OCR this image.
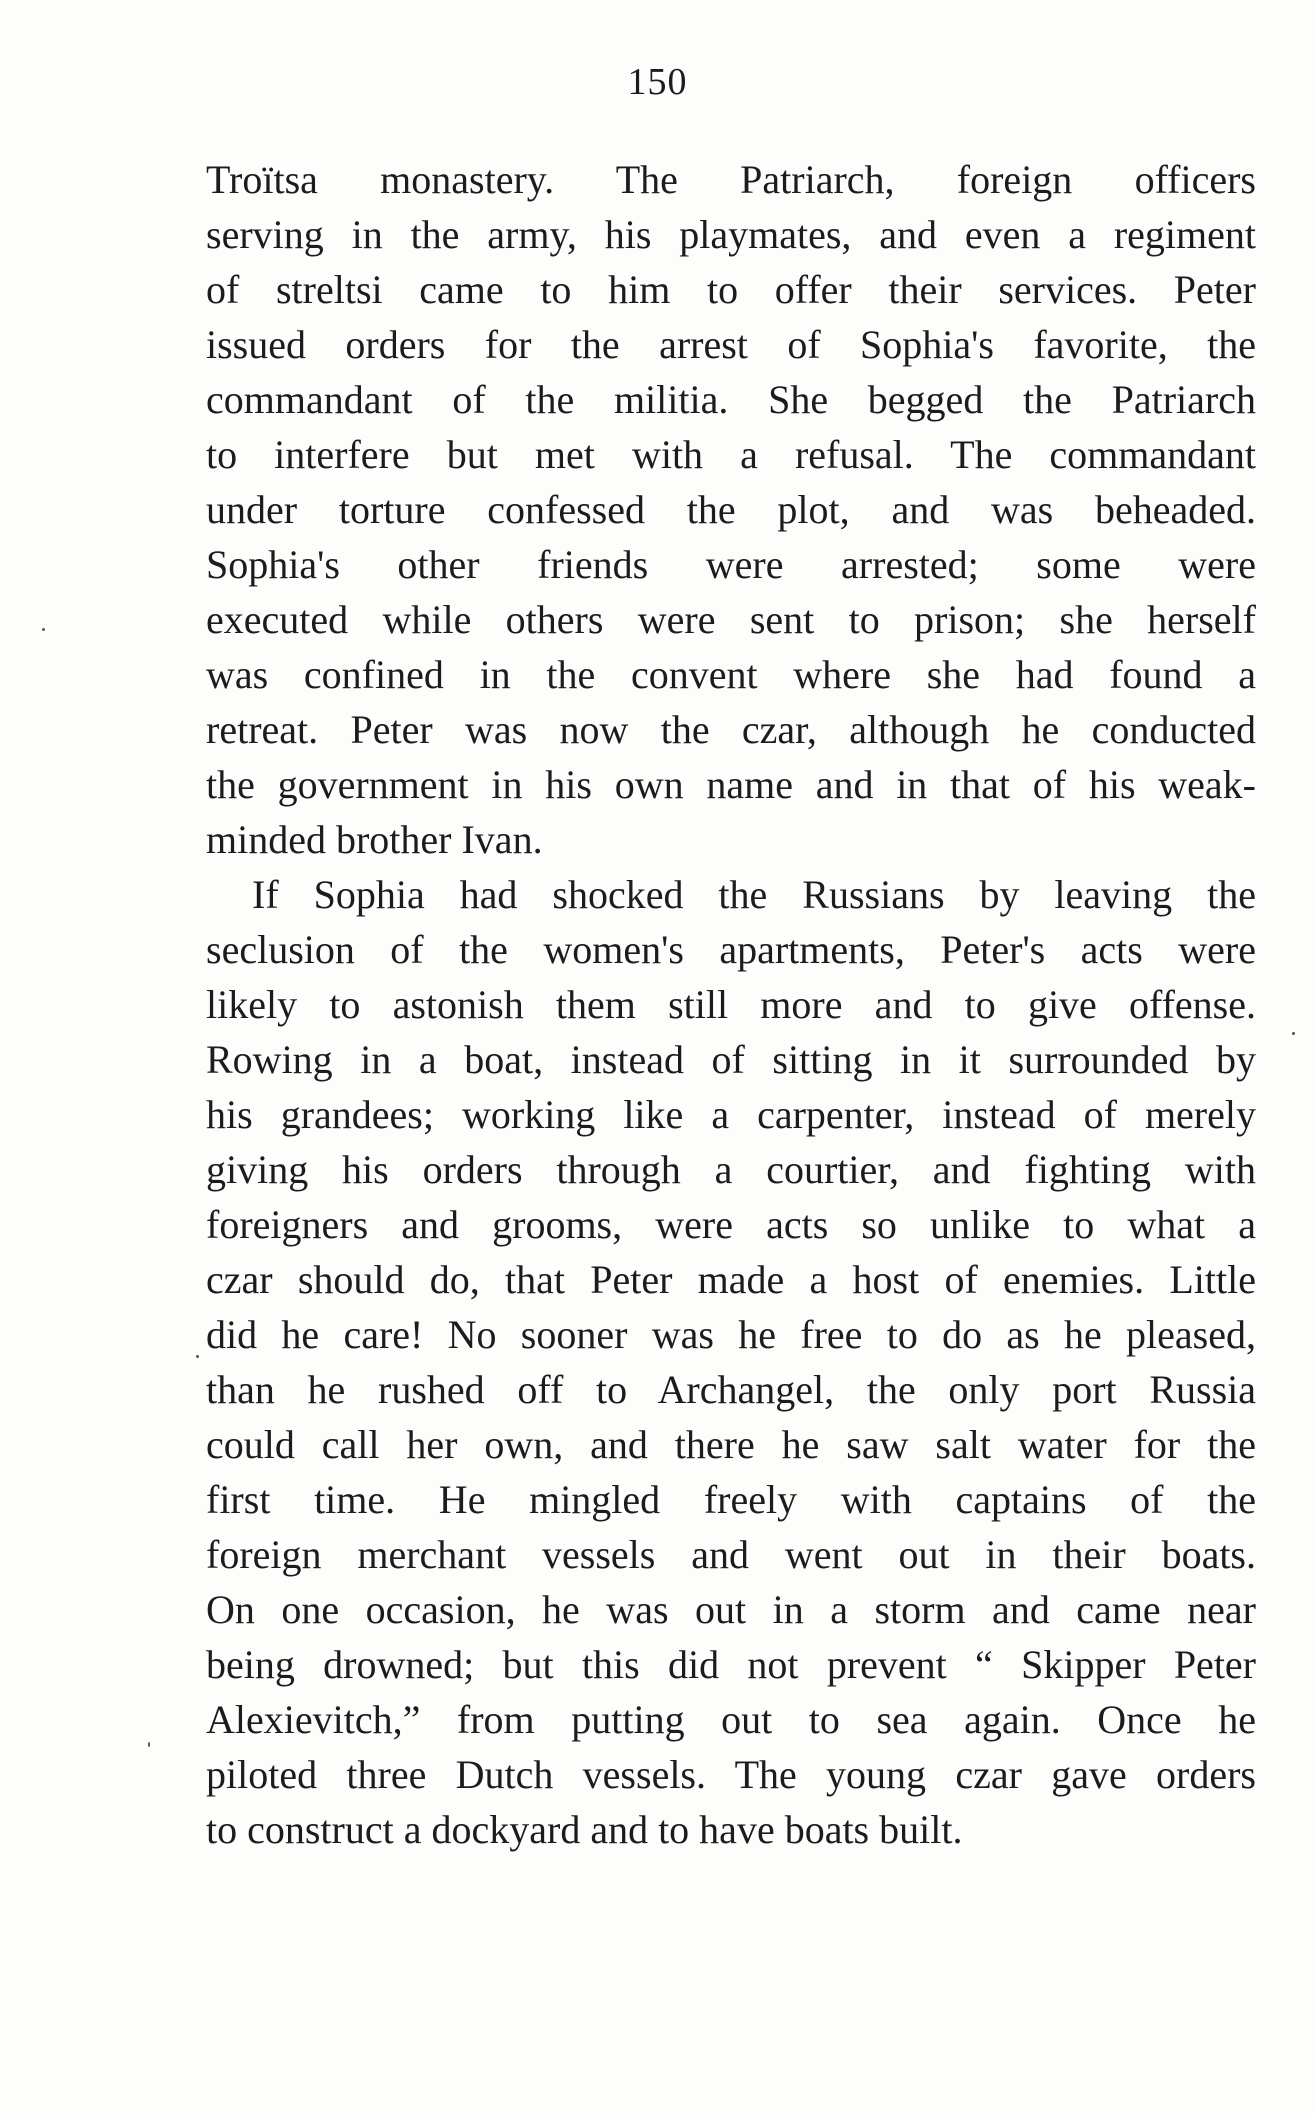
150
Troïtsa monastery. The Patriarch, foreign officers
serving in the army, his playmates, and even a regiment
of streltsi came to him to offer their services. Peter
issued orders for the arrest of Sophia's favorite, the
commandant of the militia. She begged the Patriarch
to interfere but met with a refusal. The commandant
under torture confessed the plot, and was beheaded.
Sophia's other friends were arrested; some were
executed while others were sent to prison; she herself
was confined in the convent where she had found a
retreat. Peter was now the czar, although he conducted
the government in his own name and in that of his weak-
minded brother Ivan.
If Sophia had shocked the Russians by leaving the
seclusion of the women's apartments, Peter's acts were
likely to astonish them still more and to give offense.
Rowing in a boat, instead of sitting in it surrounded by
his grandees; working like a carpenter, instead of merely
giving his orders through a courtier, and fighting with
foreigners and grooms, were acts so unlike to what a
czar should do, that Peter made a host of enemies. Little
did he care! No sooner was he free to do as he pleased,
than he rushed off to Archangel, the only port Russia
could call her own, and there he saw salt water for the
first time. He mingled freely with captains of the
foreign merchant vessels and went out in their boats.
On one occasion, he was out in a storm and came near
being drowned; but this did not prevent “ Skipper Peter
Alexievitch,” from putting out to sea again. Once he
piloted three Dutch vessels. The young czar gave orders
to construct a dockyard and to have boats built.
